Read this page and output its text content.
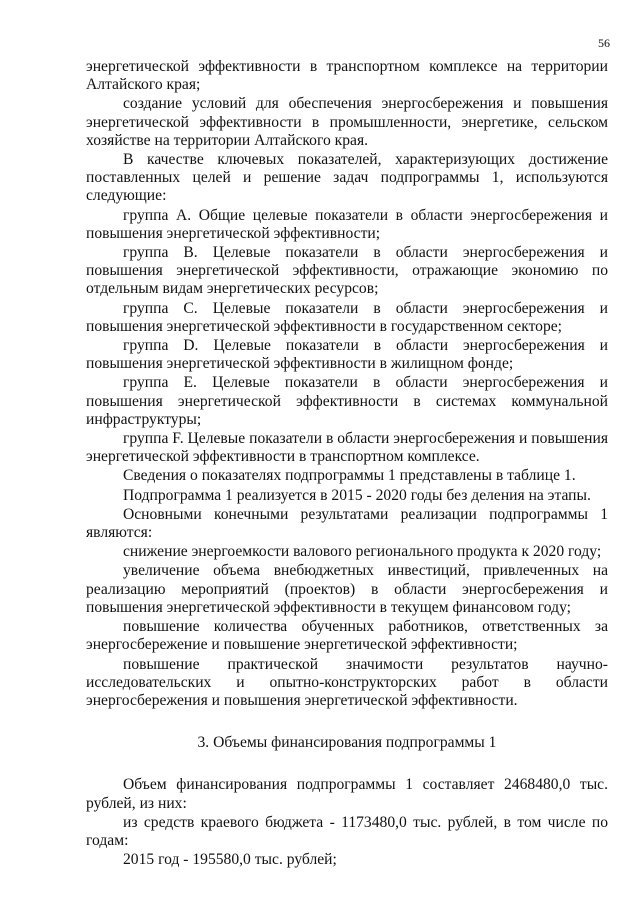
56

энергетической эффективности в транспортном комплексе на территории Алтайского края;

создание условий для обеспечения энергосбережения и повышения энергетической эффективности в промышленности, энергетике, сельском хозяйстве на территории Алтайского края.

В качестве ключевых показателей, характеризующих достижение поставленных целей и решение задач подпрограммы 1, используются следующие:

группа A. Общие целевые показатели в области энергосбережения и повышения энергетической эффективности;

группа B. Целевые показатели в области энергосбережения и повышения энергетической эффективности, отражающие экономию по отдельным видам энергетических ресурсов;

группа C. Целевые показатели в области энергосбережения и повышения энергетической эффективности в государственном секторе;

группа D. Целевые показатели в области энергосбережения и повышения энергетической эффективности в жилищном фонде;

группа E. Целевые показатели в области энергосбережения и повышения энергетической эффективности в системах коммунальной инфраструктуры;

группа F. Целевые показатели в области энергосбережения и повышения энергетической эффективности в транспортном комплексе.

Сведения о показателях подпрограммы 1 представлены в таблице 1.

Подпрограмма 1 реализуется в 2015 - 2020 годы без деления на этапы.

Основными конечными результатами реализации подпрограммы 1 являются:

снижение энергоемкости валового регионального продукта к 2020 году;

увеличение объема внебюджетных инвестиций, привлеченных на реализацию мероприятий (проектов) в области энергосбережения и повышения энергетической эффективности в текущем финансовом году;

повышение количества обученных работников, ответственных за энергосбережение и повышение энергетической эффективности;

повышение практической значимости результатов научно-исследовательских и опытно-конструкторских работ в области энергосбережения и повышения энергетической эффективности.

3. Объемы финансирования подпрограммы 1

Объем финансирования подпрограммы 1 составляет 2468480,0 тыс. рублей, из них:

из средств краевого бюджета - 1173480,0 тыс. рублей, в том числе по годам:

2015 год - 195580,0 тыс. рублей;
